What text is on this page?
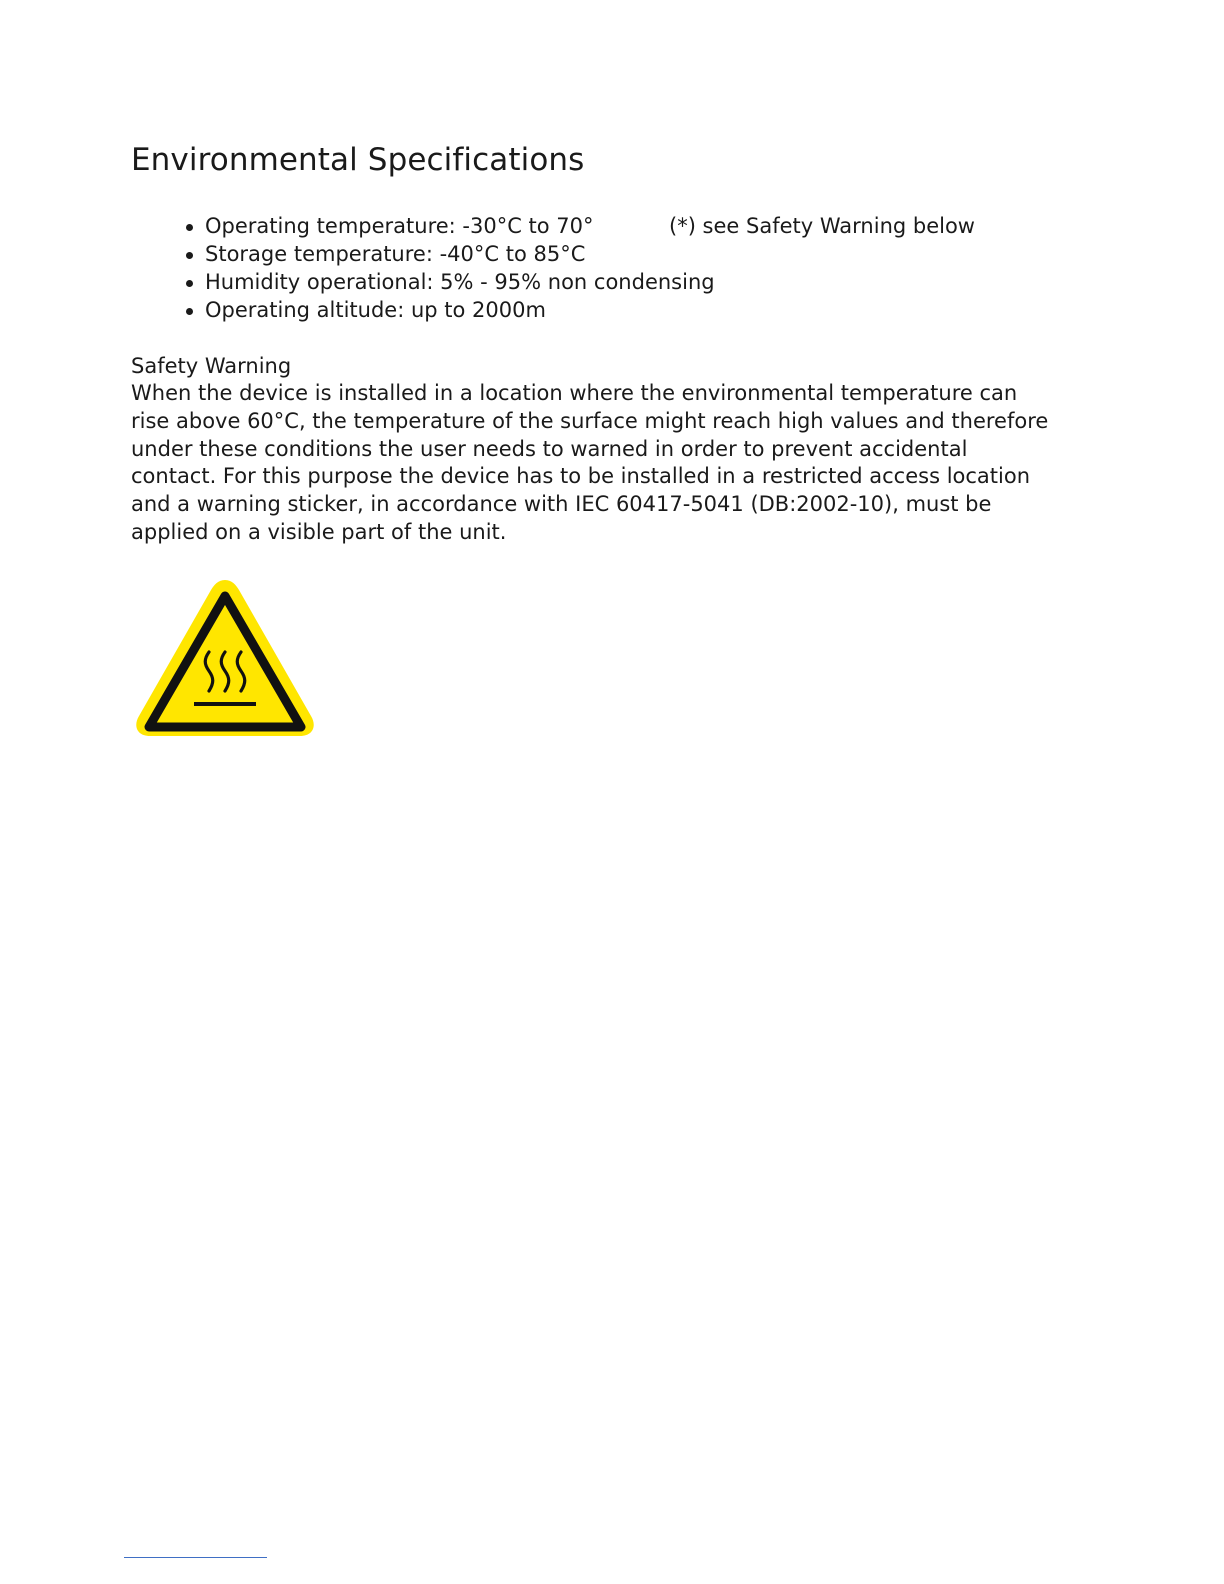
Environmental Specifications
Operating temperature: -30°C to 70°	(*) see Safety Warning below
Storage temperature: -40°C to 85°C
Humidity operational: 5% - 95% non condensing
Operating altitude: up to 2000m
Safety Warning

When the device is installed in a location where the environmental temperature can
rise above 60°C, the temperature of the surface might reach high values and therefore
under these conditions the user needs to warned in order to prevent accidental
contact. For this purpose the device has to be installed in a restricted access location
and a warning sticker, in accordance with IEC 60417-5041 (DB:2002-10), must be
applied on a visible part of the unit.
